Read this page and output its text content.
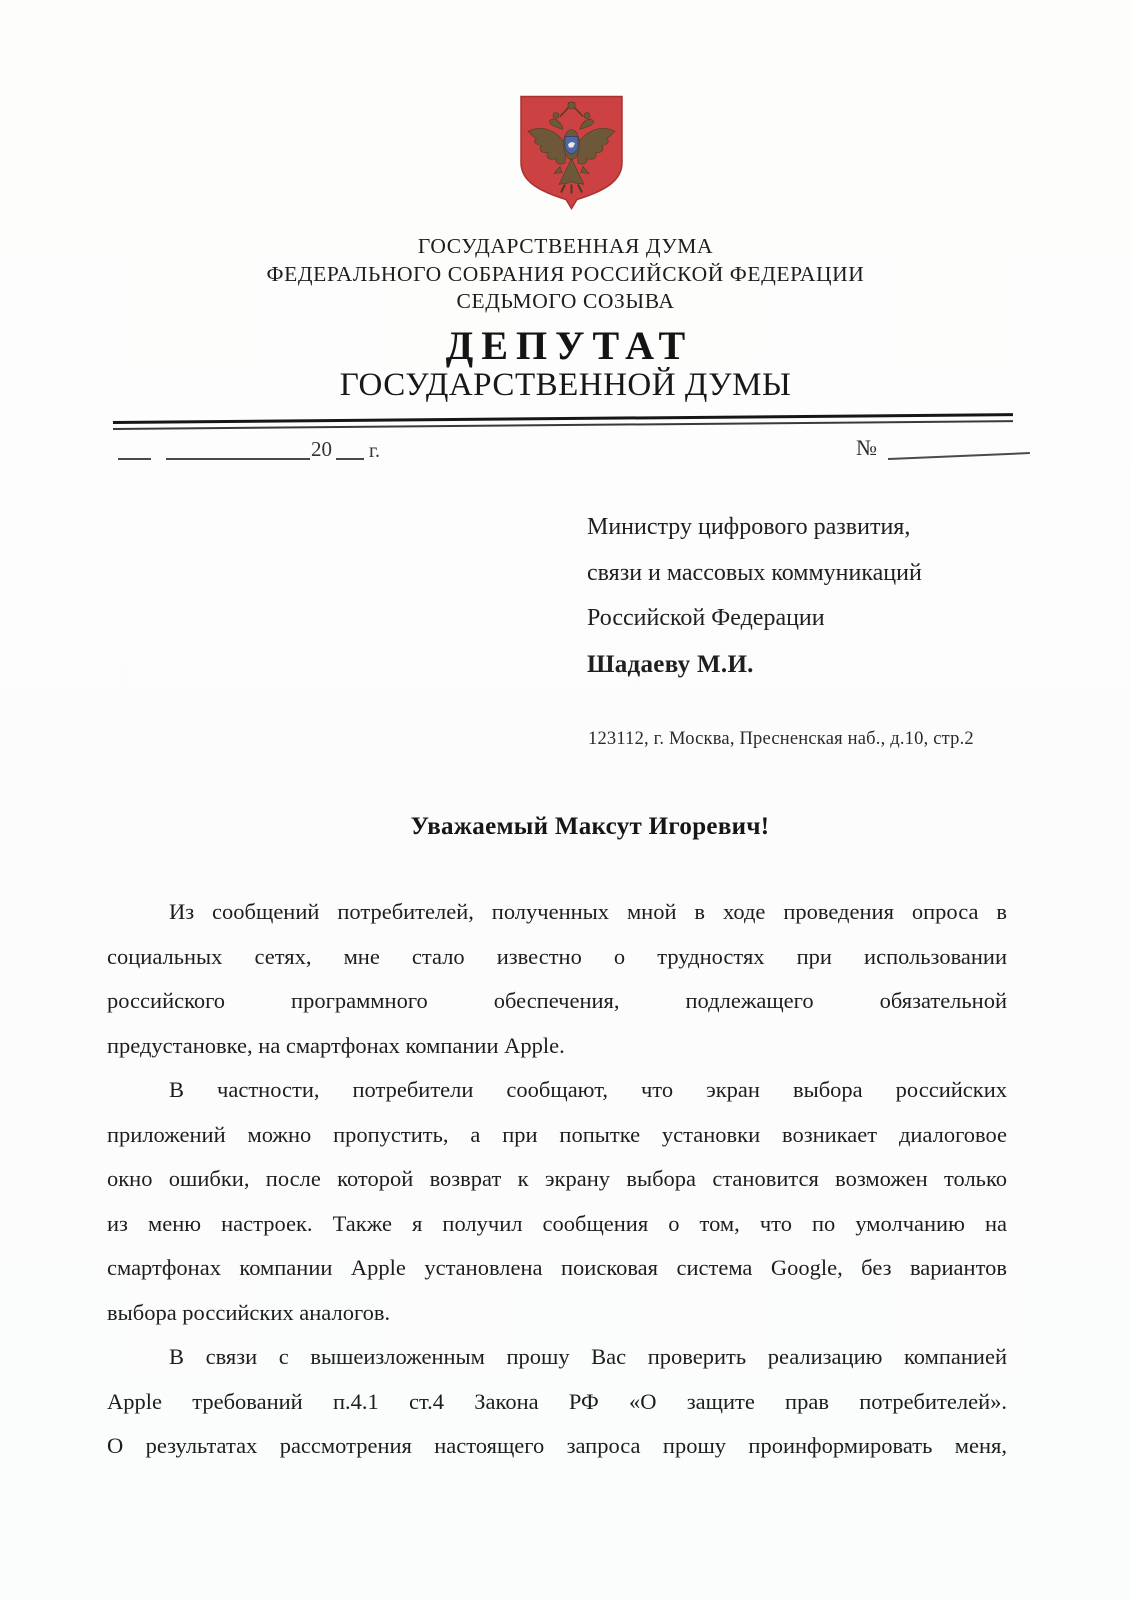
ГОСУДАРСТВЕННАЯ ДУМА
ФЕДЕРАЛЬНОГО СОБРАНИЯ РОССИЙСКОЙ ФЕДЕРАЦИИ
СЕДЬМОГО СОЗЫВА
ДЕПУТАТ
ГОСУДАРСТВЕННОЙ ДУМЫ
20 г.	№
Министру цифрового развития,
связи и массовых коммуникаций
Российской Федерации
Шадаеву М.И.
123112, г. Москва, Пресненская наб., д.10, стр.2
Уважаемый Максут Игоревич!
Из сообщений потребителей, полученных мной в ходе проведения опроса в
социальных сетях, мне стало известно о трудностях при использовании
российского программного обеспечения, подлежащего обязательной
предустановке, на смартфонах компании Apple.
В частности, потребители сообщают, что экран выбора российских
приложений можно пропустить, а при попытке установки возникает диалоговое
окно ошибки, после которой возврат к экрану выбора становится возможен только
из меню настроек. Также я получил сообщения о том, что по умолчанию на
смартфонах компании Apple установлена поисковая система Google, без вариантов
выбора российских аналогов.
В связи с вышеизложенным прошу Вас проверить реализацию компанией
Apple требований п.4.1 ст.4 Закона РФ «О защите прав потребителей».
О результатах рассмотрения настоящего запроса прошу проинформировать меня,
